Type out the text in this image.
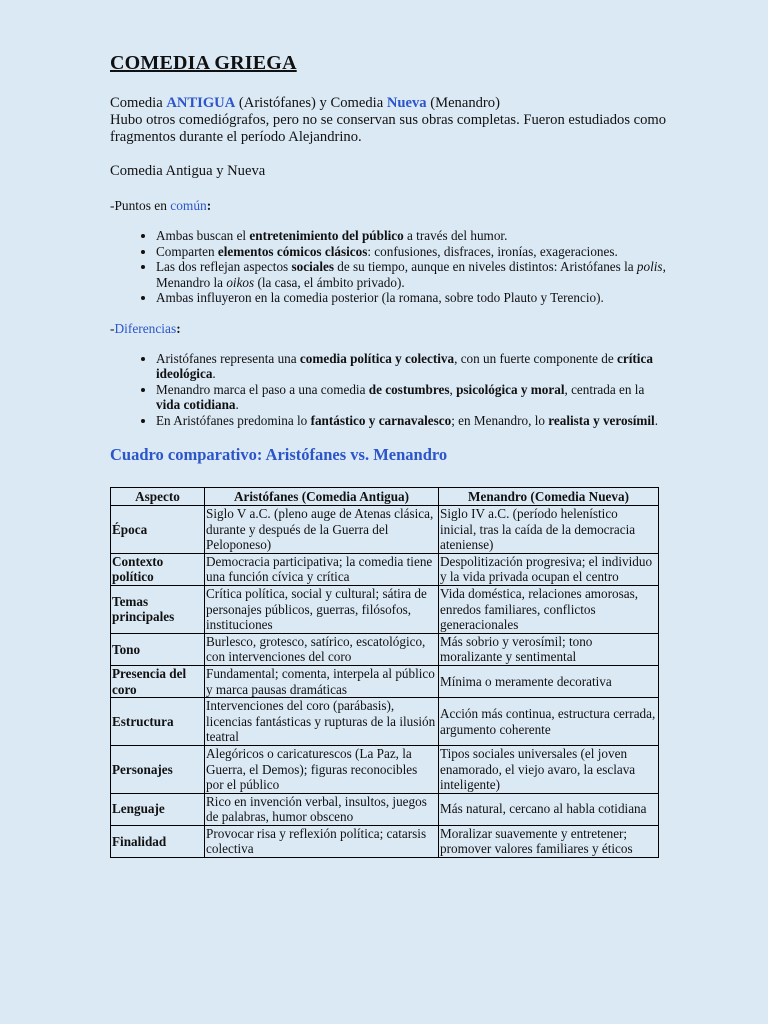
COMEDIA GRIEGA

Comedia ANTIGUA (Aristófanes) y Comedia Nueva (Menandro)

Hubo otros comediógrafos, pero no se conservan sus obras completas. Fueron estudiados como fragmentos durante el período Alejandrino.

Comedia Antigua y Nueva

-Puntos en común:

• Ambas buscan el entretenimiento del público a través del humor.
• Comparten elementos cómicos clásicos: confusiones, disfraces, ironías, exageraciones.
• Las dos reflejan aspectos sociales de su tiempo, aunque en niveles distintos: Aristófanes la polis, Menandro la oikos (la casa, el ámbito privado).
• Ambas influyeron en la comedia posterior (la romana, sobre todo Plauto y Terencio).

-Diferencias:

• Aristófanes representa una comedia política y colectiva, con un fuerte componente de crítica ideológica.
• Menandro marca el paso a una comedia de costumbres, psicológica y moral, centrada en la vida cotidiana.
• En Aristófanes predomina lo fantástico y carnavalesco; en Menandro, lo realista y verosímil.
Cuadro comparativo: Aristófanes vs. Menandro
Aspecto	Aristófanes (Comedia Antigua)	Menandro (Comedia Nueva)
Época	Siglo V a.C. (pleno auge de Atenas clásica, durante y después de la Guerra del Peloponeso)	Siglo IV a.C. (período helenístico inicial, tras la caída de la democracia ateniense)
Contexto político	Democracia participativa; la comedia tiene una función cívica y crítica	Despolitización progresiva; el individuo y la vida privada ocupan el centro
Temas principales	Crítica política, social y cultural; sátira de personajes públicos, guerras, filósofos, instituciones	Vida doméstica, relaciones amorosas, enredos familiares, conflictos generacionales
Tono	Burlesco, grotesco, satírico, escatológico, con intervenciones del coro	Más sobrio y verosímil; tono moralizante y sentimental
Presencia del coro	Fundamental; comenta, interpela al público y marca pausas dramáticas	Mínima o meramente decorativa
Estructura	Intervenciones del coro (parábasis), licencias fantásticas y rupturas de la ilusión teatral	Acción más continua, estructura cerrada, argumento coherente
Personajes	Alegóricos o caricaturescos (La Paz, la Guerra, el Demos); figuras reconocibles por el público	Tipos sociales universales (el joven enamorado, el viejo avaro, la esclava inteligente)
Lenguaje	Rico en invención verbal, insultos, juegos de palabras, humor obsceno	Más natural, cercano al habla cotidiana
Finalidad	Provocar risa y reflexión política; catarsis colectiva	Moralizar suavemente y entretener; promover valores familiares y éticos
